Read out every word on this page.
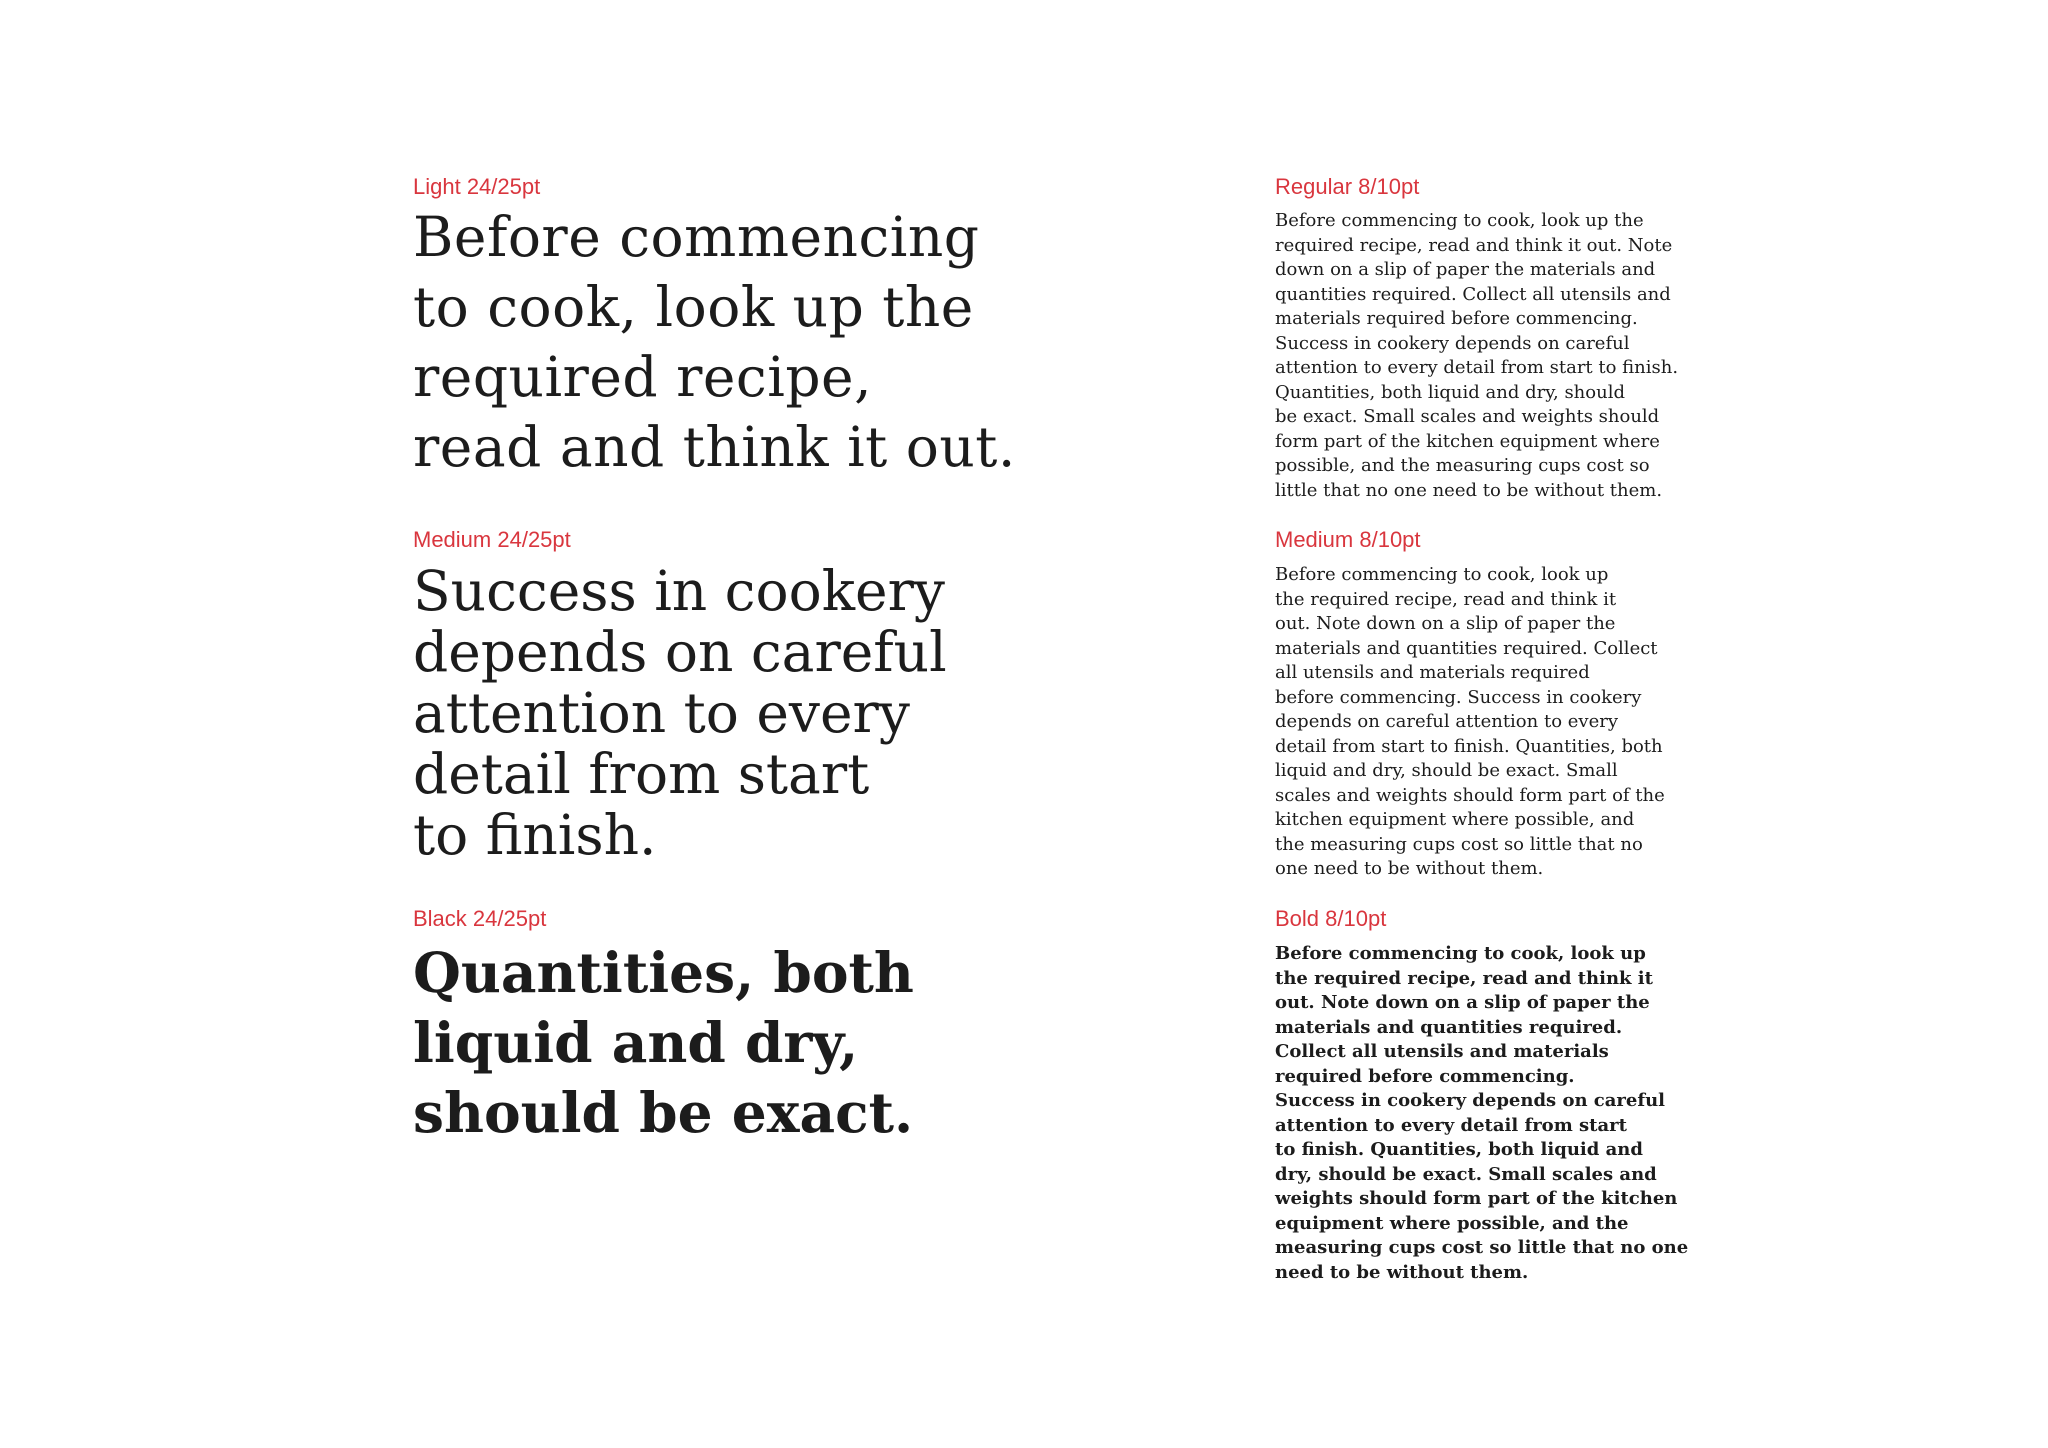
Light 24/25pt

Before commencing
to cook, look up the
required recipe,
read and think it out.

Medium 24/25pt

Success in cookery
depends on careful
attention to every
detail from start
to finish.

Black 24/25pt

Quantities, both
liquid and dry,
should be exact.

Regular 8/10pt

Before commencing to cook, look up the
required recipe, read and think it out. Note
down on a slip of paper the materials and
quantities required. Collect all utensils and
materials required before commencing.
Success in cookery depends on careful
attention to every detail from start to finish.
Quantities, both liquid and dry, should
be exact. Small scales and weights should
form part of the kitchen equipment where
possible, and the measuring cups cost so
little that no one need to be without them.

Medium 8/10pt

Before commencing to cook, look up
the required recipe, read and think it
out. Note down on a slip of paper the
materials and quantities required. Collect
all utensils and materials required
before commencing. Success in cookery
depends on careful attention to every
detail from start to finish. Quantities, both
liquid and dry, should be exact. Small
scales and weights should form part of the
kitchen equipment where possible, and
the measuring cups cost so little that no
one need to be without them.

Bold 8/10pt

Before commencing to cook, look up
the required recipe, read and think it
out. Note down on a slip of paper the
materials and quantities required.
Collect all utensils and materials
required before commencing.
Success in cookery depends on careful
attention to every detail from start
to finish. Quantities, both liquid and
dry, should be exact. Small scales and
weights should form part of the kitchen
equipment where possible, and the
measuring cups cost so little that no one
need to be without them.
